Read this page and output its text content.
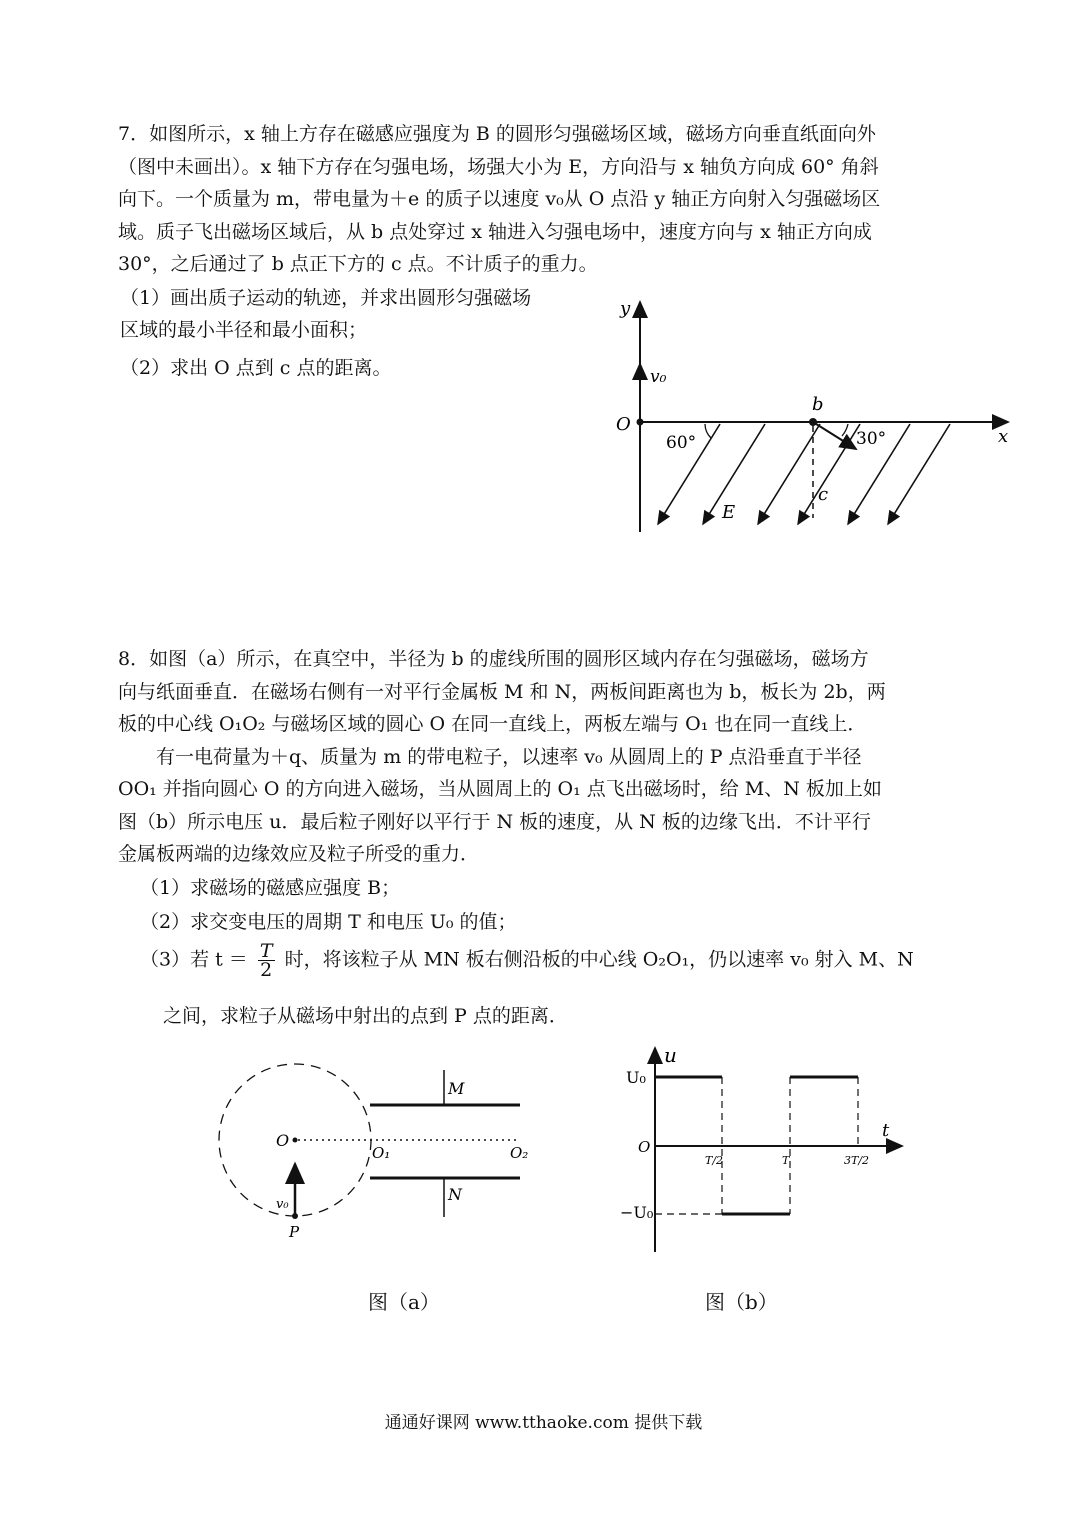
7．如图所示，x 轴上方存在磁感应强度为 B 的圆形匀强磁场区域，磁场方向垂直纸面向外
（图中未画出）。x 轴下方存在匀强电场，场强大小为 E，方向沿与 x 轴负方向成 60° 角斜
向下。一个质量为 m，带电量为＋e 的质子以速度 v₀从 O 点沿 y 轴正方向射入匀强磁场区
域。质子飞出磁场区域后，从 b 点处穿过 x 轴进入匀强电场中，速度方向与 x 轴正方向成
30°，之后通过了 b 点正下方的 c 点。不计质子的重力。
（1）画出质子运动的轨迹，并求出圆形匀强磁场
区域的最小半径和最小面积；
（2）求出 O 点到 c 点的距离。
y
x
O
v₀
E
60°
b
30°
c
8．如图（a）所示，在真空中，半径为 b 的虚线所围的圆形区域内存在匀强磁场，磁场方
向与纸面垂直．在磁场右侧有一对平行金属板 M 和 N，两板间距离也为 b，板长为 2b，两
板的中心线 O₁O₂ 与磁场区域的圆心 O 在同一直线上，两板左端与 O₁ 也在同一直线上．
有一电荷量为＋q、质量为 m 的带电粒子，以速率 v₀ 从圆周上的 P 点沿垂直于半径
OO₁ 并指向圆心 O 的方向进入磁场，当从圆周上的 O₁ 点飞出磁场时，给 M、N 板加上如
图（b）所示电压 u．最后粒子刚好以平行于 N 板的速度，从 N 板的边缘飞出．不计平行
金属板两端的边缘效应及粒子所受的重力．
（1）求磁场的磁感应强度 B；
（2）求交变电压的周期 T 和电压 U₀ 的值；
（3）若 $t = \frac{T}{2}$ 时，将该粒子从 MN 板右侧沿板的中心线 O₂O₁，仍以速率 v₀ 射入 M、N
之间，求粒子从磁场中射出的点到 P 点的距离．
O
M
N
O₁	O₂
v₀
P
u
t
U₀
O
−U₀
T/2	T	3T/2
图（a）	图（b）
通通好课网 www.tthaoke.com 提供下载
